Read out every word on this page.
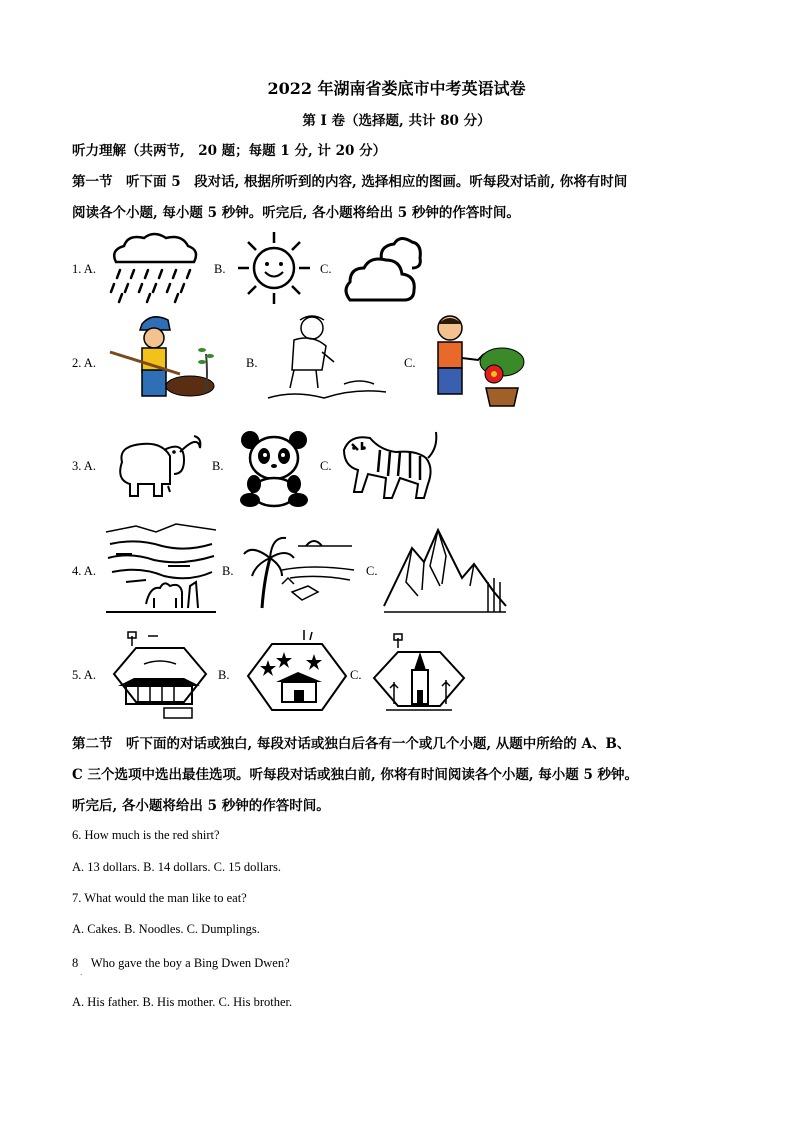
2022 年湖南省娄底市中考英语试卷
第 I 卷（选择题, 共计 80 分）
听力理解（共两节,　20 题；每题 1 分, 计 20 分）
第一节　听下面 5　段对话, 根据所听到的内容, 选择相应的图画。听每段对话前, 你将有时间
阅读各个小题, 每小题 5 秒钟。听完后, 各小题将给出 5 秒钟的作答时间。
1. A.	B.	C.
2. A.	B.	C.
3. A.	B.	C.
4. A.	B.	C.
5. A.	B.	C.
第二节　听下面的对话或独白, 每段对话或独白后各有一个或几个小题, 从题中所给的 A、B、
C 三个选项中选出最佳选项。听每段对话或独白前, 你将有时间阅读各个小题, 每小题 5 秒钟。
听完后, 各小题将给出 5 秒钟的作答时间。
6. How much is the red shirt?
A. 13 dollars. B. 14 dollars. C. 15 dollars.
7. What would the man like to eat?
A. Cakes. B. Noodles. C. Dumplings.
8　Who gave the boy a Bing Dwen Dwen?
.
A. His father. B. His mother. C. His brother.
